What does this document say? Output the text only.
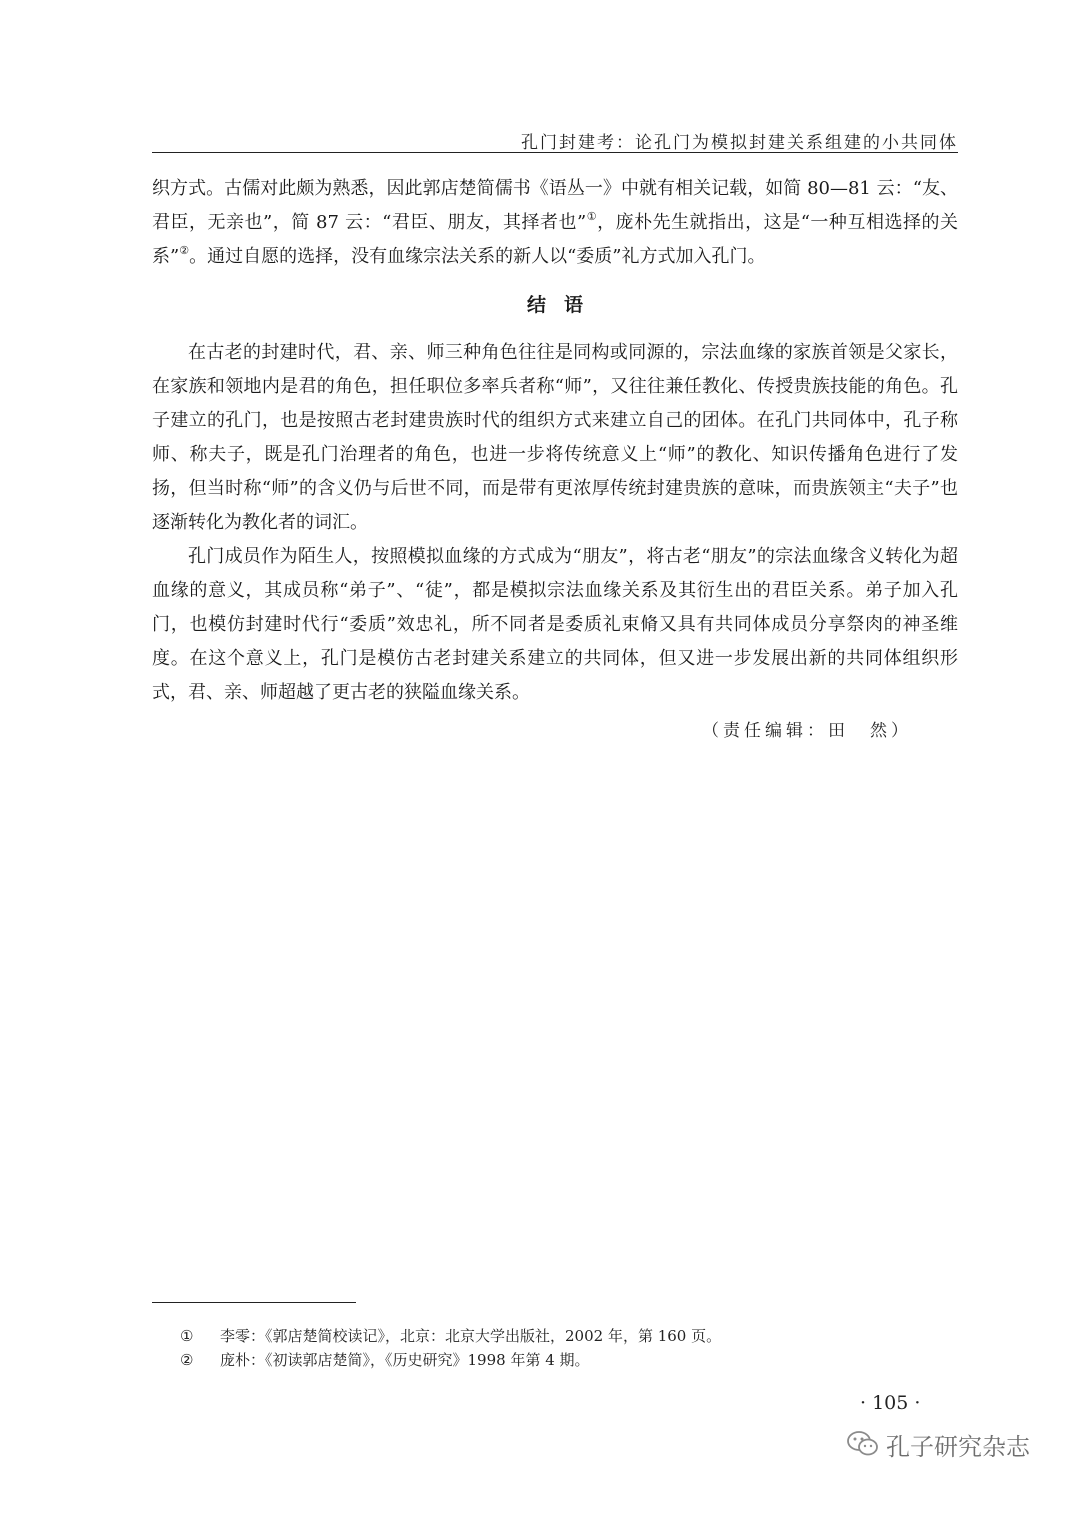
孔门封建考：论孔门为模拟封建关系组建的小共同体

织方式。古儒对此颇为熟悉，因此郭店楚简儒书《语丛一》中就有相关记载，如简 80—81 云：“友、君臣，无亲也”，简 87 云：“君臣、朋友，其择者也”①，庞朴先生就指出，这是“一种互相选择的关系”②。通过自愿的选择，没有血缘宗法关系的新人以“委质”礼方式加入孔门。

结语

在古老的封建时代，君、亲、师三种角色往往是同构或同源的，宗法血缘的家族首领是父家长，在家族和领地内是君的角色，担任职位多率兵者称“师”，又往往兼任教化、传授贵族技能的角色。孔子建立的孔门，也是按照古老封建贵族时代的组织方式来建立自己的团体。在孔门共同体中，孔子称师、称夫子，既是孔门治理者的角色，也进一步将传统意义上“师”的教化、知识传播角色进行了发扬，但当时称“师”的含义仍与后世不同，而是带有更浓厚传统封建贵族的意味，而贵族领主“夫子”也逐渐转化为教化者的词汇。

孔门成员作为陌生人，按照模拟血缘的方式成为“朋友”，将古老“朋友”的宗法血缘含义转化为超血缘的意义，其成员称“弟子”、“徒”，都是模拟宗法血缘关系及其衍生出的君臣关系。弟子加入孔门，也模仿封建时代行“委质”效忠礼，所不同者是委质礼束脩又具有共同体成员分享祭肉的神圣维度。在这个意义上，孔门是模仿古老封建关系建立的共同体，但又进一步发展出新的共同体组织形式，君、亲、师超越了更古老的狭隘血缘关系。

（责任编辑：田　然）
①	李零：《郭店楚简校读记》，北京：北京大学出版社，2002 年，第 160 页。
②	庞朴：《初读郭店楚简》，《历史研究》1998 年第 4 期。
· 105 ·
孔子研究杂志
